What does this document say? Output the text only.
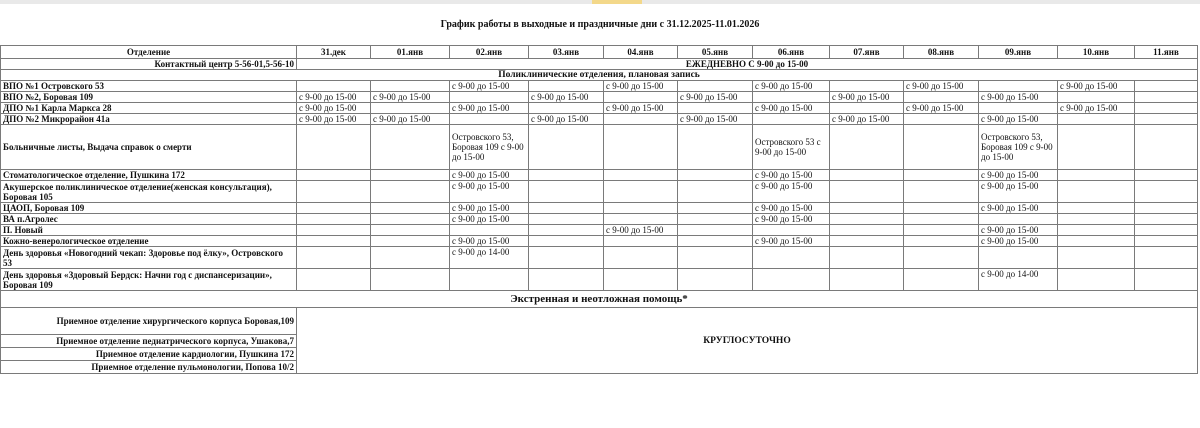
График работы в выходные и праздничные дни с 31.12.2025-11.01.2026
Отделение	31.дек	01.янв	02.янв	03.янв	04.янв	05.янв	06.янв	07.янв	08.янв	09.янв	10.янв	11.янв
Контактный центр 5-56-01,5-56-10	ЕЖЕДНЕВНО С 9-00 до 15-00											
Поликлинические отделения, плановая запись												
ВПО №1 Островского 53			с 9-00 до 15-00		с 9-00 до 15-00		с 9-00 до 15-00		с 9-00 до 15-00		с 9-00 до 15-00	
ВПО №2, Боровая 109	с 9-00 до 15-00	с 9-00 до 15-00		с 9-00 до 15-00		с 9-00 до 15-00		с 9-00 до 15-00		с 9-00 до 15-00		
ДПО №1 Карла Маркса 28	с 9-00 до 15-00		с 9-00 до 15-00		с 9-00 до 15-00		с 9-00 до 15-00		с 9-00 до 15-00		с 9-00 до 15-00	
ДПО №2 Микрорайон 41а	с 9-00 до 15-00	с 9-00 до 15-00		с 9-00 до 15-00		с 9-00 до 15-00		с 9-00 до 15-00		с 9-00 до 15-00		
Больничные листы, Выдача справок о смерти			Островского 53, Боровая 109 с 9-00 до 15-00				Островского 53 с 9-00 до 15-00			Островского 53, Боровая 109 с 9-00 до 15-00		
Стоматологическое отделение, Пушкина 172			с 9-00 до 15-00				с 9-00 до 15-00			с 9-00 до 15-00		
Акушерское поликлиническое отделение(женская консультация), Боровая 105			с 9-00 до 15-00				с 9-00 до 15-00			с 9-00 до 15-00		
ЦАОП, Боровая 109			с 9-00 до 15-00				с 9-00 до 15-00			с 9-00 до 15-00		
ВА п.Агролес			с 9-00 до 15-00				с 9-00 до 15-00					
П. Новый					с 9-00 до 15-00					с 9-00 до 15-00		
Кожно-венерологическое отделение			с 9-00 до 15-00				с 9-00 до 15-00			с 9-00 до 15-00		
День здоровья «Новогодний чекап: Здоровье под ёлку», Островского 53			с 9-00 до 14-00									
День здоровья «Здоровый Бердск: Начни год с диспансеризации», Боровая 109										с 9-00 до 14-00		
Экстренная и неотложная помощь*												
Приемное отделение хирургического корпуса Боровая,109	КРУГЛОСУТОЧНО											
Приемное отделение педиатрического корпуса, Ушакова,7												
Приемное отделение кардиологии, Пушкина 172												
Приемное отделение пульмонологии, Попова 10/2												
